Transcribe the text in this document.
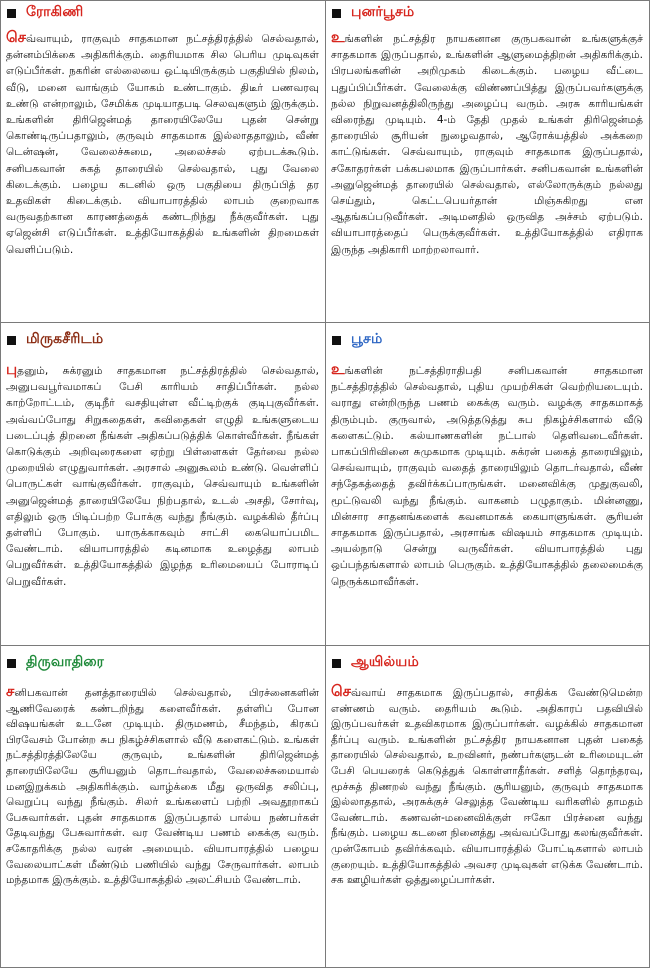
ரோகிணி
செவ்வாயும், ராகுவும் சாதகமான நட்சத்திரத்தில் செல்வதால், தன்னம்பிக்கை அதிகரிக்கும். தைரியமாக சில பெரிய முடிவுகள் எடுப்பீர்கள். நகரின் எல்லையை ஒட்டியிருக்கும் பகுதியில் நிலம், வீடு, மனை வாங்கும் யோகம் உண்டாகும். திடீர் பணவரவு உண்டு என்றாலும், சேமிக்க முடியாதபடி செலவுகளும் இருக்கும். உங்களின் திரிஜென்மத் தாரையிலேயே புதன் சென்று கொண்டிருப்பதாலும், குருவும் சாதகமாக இல்லாததாலும், வீண் டென்ஷன், வேலைச்சுமை, அலைச்சல் ஏற்படக்கூடும். சனிபகவான் சுகத் தாரையில் செல்வதால், புது வேலை கிடைக்கும். பழைய கடனில் ஒரு பகுதியை திருப்பித் தர உதவிகள் கிடைக்கும். வியாபாரத்தில் லாபம் குறைவாக வருவதற்கான காரணத்தைக் கண்டறிந்து நீக்குவீர்கள். புது ஏஜென்சி எடுப்பீர்கள். உத்தியோகத்தில் உங்களின் திறமைகள் வெளிப்படும்.
புனர்பூசம்
உங்களின் நட்சத்திர நாயகனான குருபகவான் உங்களுக்குச் சாதகமாக இருப்பதால், உங்களின் ஆளுமைத்திறன் அதிகரிக்கும். பிரபலங்களின் அறிமுகம் கிடைக்கும். பழைய வீட்டை புதுப்பிப்பீர்கள். வேலைக்கு விண்ணப்பித்து இருப்பவர்களுக்கு நல்ல நிறுவனத்திலிருந்து அழைப்பு வரும். அரசு காரியங்கள் விரைந்து முடியும். 4-ம் தேதி முதல் உங்கள் திரிஜென்மத் தாரையில் சூரியன் நுழைவதால், ஆரோக்யத்தில் அக்கறை காட்டுங்கள். செவ்வாயும், ராகுவும் சாதகமாக இருப்பதால், சகோதரர்கள் பக்கபலமாக இருப்பார்கள். சனிபகவான் உங்களின் அனுஜென்மத் தாரையில் செல்வதால், எல்லோருக்கும் நல்லது செய்தும், கெட்டபெயர்தான் மிஞ்சுகிறது என ஆதங்கப்படுவீர்கள். அடிமனதில் ஒருவித அச்சம் ஏற்படும். வியாபாரத்தைப் பெருக்குவீர்கள். உத்தியோகத்தில் எதிராக இருந்த அதிகாரி மாற்றலாவார்.
மிருகசீரிடம்
புதனும், சுக்ரனும் சாதகமான நட்சத்திரத்தில் செல்வதால், அனுபவபூர்வமாகப் பேசி காரியம் சாதிப்பீர்கள். நல்ல காற்றோட்டம், குடிநீர் வசதியுள்ள வீட்டிற்குக் குடிபுகுவீர்கள். அவ்வப்போது சிறுகதைகள், கவிதைகள் எழுதி உங்களுடைய படைப்புத் திறனை நீங்கள் அதிகப்படுத்திக் கொள்வீர்கள். நீங்கள் கொடுக்கும் அறிவுரைகளை ஏற்று பிள்ளைகள் தேர்வை நல்ல முறையில் எழுதுவார்கள். அரசால் அனுகூலம் உண்டு. வெள்ளிப் பொருட்கள் வாங்குவீர்கள். ராகுவும், செவ்வாயும் உங்களின் அனுஜென்மத் தாரையிலேயே நிற்பதால், உடல் அசதி, சோர்வு, எதிலும் ஒரு பிடிப்பற்ற போக்கு வந்து நீங்கும். வழக்கில் தீர்ப்பு தள்ளிப் போகும். யாருக்காகவும் சாட்சி கையொப்பமிட வேண்டாம். வியாபாரத்தில் கடினமாக உழைத்து லாபம் பெறுவீர்கள். உத்தியோகத்தில் இழந்த உரிமையைப் போராடிப் பெறுவீர்கள்.
பூசம்
உங்களின் நட்சத்திராதிபதி சனிபகவான் சாதகமான நட்சத்திரத்தில் செல்வதால், புதிய முயற்சிகள் வெற்றியடையும். வராது என்றிருந்த பணம் கைக்கு வரும். வழக்கு சாதகமாகத் திரும்பும். குருவால், அடுத்தடுத்து சுப நிகழ்ச்சிகளால் வீடு களைகட்டும். கல்யாணகளின் நட்பால் தெளிவடைவீர்கள். பாகப்பிரிவினை சுமுகமாக முடியும். சுக்ரன் பகைத் தாரையிலும், செவ்வாயும், ராகுவும் வதைத் தாரையிலும் தொடர்வதால், வீண் சந்தேகத்தைத் தவிர்க்கப்பாருங்கள். மனைவிக்கு முதுகுவலி, மூட்டுவலி வந்து நீங்கும். வாகனம் பழுதாகும். மின்னணு, மின்சார சாதனங்களைக் கவனமாகக் கையாளுங்கள். சூரியன் சாதகமாக இருப்பதால், அரசாங்க விஷயம் சாதகமாக முடியும். அயல்நாடு சென்று வருவீர்கள். வியாபாரத்தில் புது ஒப்பந்தங்களால் லாபம் பெருகும். உத்தியோகத்தில் தலைமைக்கு நெருக்கமாவீர்கள்.
திருவாதிரை
சனிபகவான் தனத்தாரையில் செல்வதால், பிரச்னைகளின் ஆணிவேரைக் கண்டறிந்து களைவீர்கள். தள்ளிப் போன விஷயங்கள் உடனே முடியும். திருமணம், சீமந்தம், கிரகப் பிரவேசம் போன்ற சுப நிகழ்ச்சிகளால் வீடு களைகட்டும். உங்கள் நட்சத்திரத்திலேயே குருவும், உங்களின் திரிஜென்மத் தாரையிலேயே சூரியனும் தொடர்வதால், வேலைச்சுமையால் மனஇறுக்கம் அதிகரிக்கும். வாழ்க்கை மீது ஒருவித சலிப்பு, வெறுப்பு வந்து நீங்கும். சிலர் உங்களைப் பற்றி அவதூறாகப் பேசுவார்கள். புதன் சாதகமாக இருப்பதால் பால்ய நண்பர்கள் தேடிவந்து பேசுவார்கள். வர வேண்டிய பணம் கைக்கு வரும். சகோதரிக்கு நல்ல வரன் அமையும். வியாபாரத்தில் பழைய வேலையாட்கள் மீண்டும் பணியில் வந்து சேருவார்கள். லாபம் மந்தமாக இருக்கும். உத்தியோகத்தில் அலட்சியம் வேண்டாம்.
ஆயில்யம்
செவ்வாய் சாதகமாக இருப்பதால், சாதிக்க வேண்டுமென்ற எண்ணம் வரும். தைரியம் கூடும். அதிகாரப் பதவியில் இருப்பவர்கள் உதவிகரமாக இருப்பார்கள். வழக்கில் சாதகமான தீர்ப்பு வரும். உங்களின் நட்சத்திர நாயகனான புதன் பகைத் தாரையில் செல்வதால், உறவினர், நண்பர்களுடன் உரிமையுடன் பேசி பெயரைக் கெடுத்துக் கொள்ளாதீர்கள். சளித் தொந்தரவு, மூச்சுத் திணறல் வந்து நீங்கும். சூரியனும், குருவும் சாதகமாக இல்லாததால், அரசுக்குச் செலுத்த வேண்டிய வரிகளில் தாமதம் வேண்டாம். கணவன்-மனைவிக்குள் ஈகோ பிரச்னை வந்து நீங்கும். பழைய கடனை நினைத்து அவ்வப்போது கலங்குவீர்கள். முன்கோபம் தவிர்க்கவும். வியாபாரத்தில் போட்டிகளால் லாபம் குறையும். உத்தியோகத்தில் அவசர முடிவுகள் எடுக்க வேண்டாம். சக ஊழியர்கள் ஒத்துழைப்பார்கள்.
